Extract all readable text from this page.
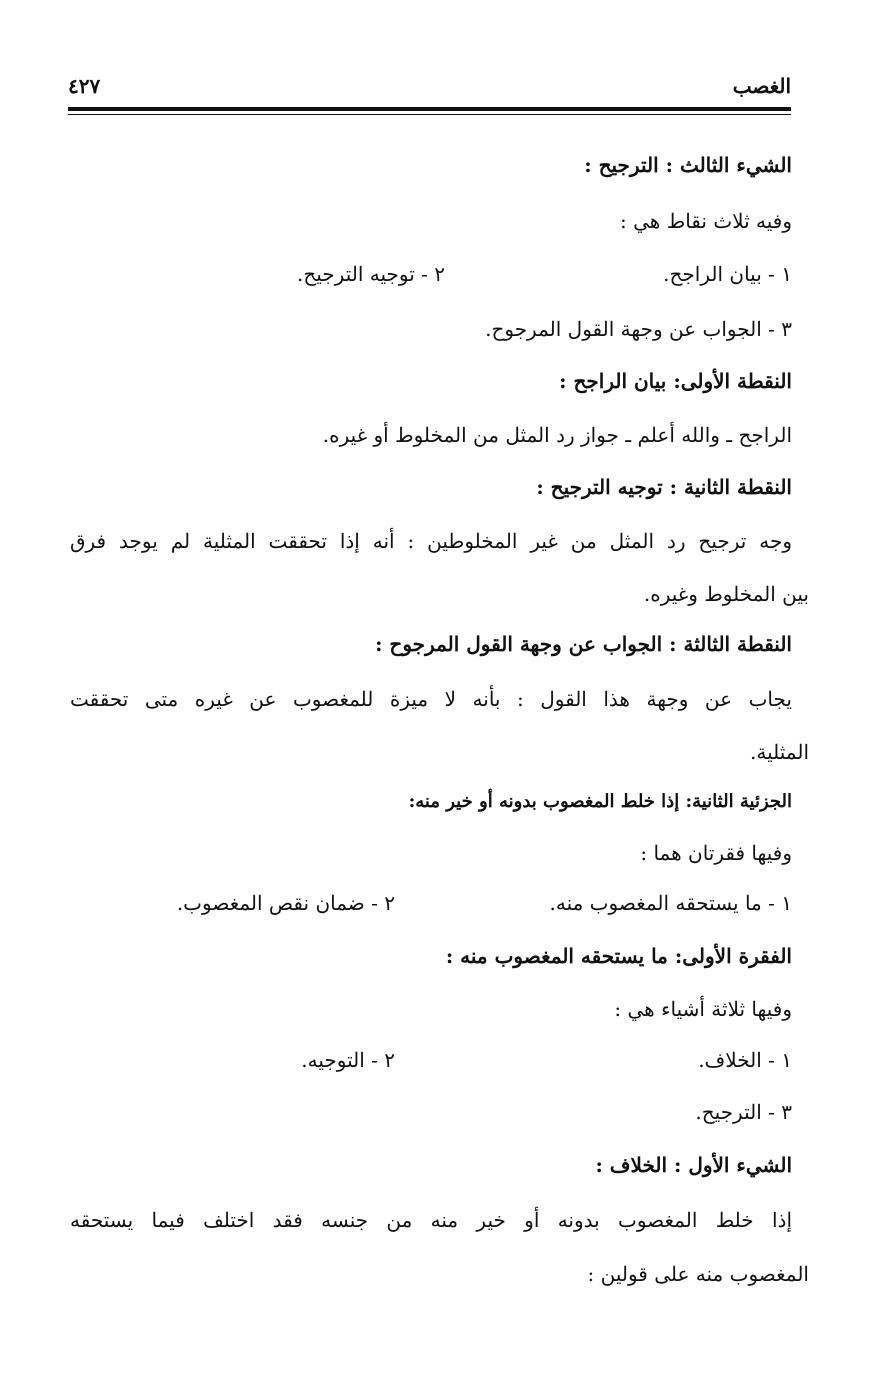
الغصب
٤٢٧
الشيء الثالث : الترجيح :
وفيه ثلاث نقاط هي :
١ - بيان الراجح.
٢ - توجيه الترجيح.
٣ - الجواب عن وجهة القول المرجوح.
النقطة الأولى: بيان الراجح :
الراجح ـ والله أعلم ـ جواز رد المثل من المخلوط أو غيره.
النقطة الثانية : توجيه الترجيح :
وجه ترجيح رد المثل من غير المخلوطين : أنه إذا تحققت المثلية لم يوجد فرق
بين المخلوط وغيره.
النقطة الثالثة : الجواب عن وجهة القول المرجوح :
يجاب عن وجهة هذا القول : بأنه لا ميزة للمغصوب عن غيره متى تحققت
المثلية.
الجزئية الثانية: إذا خلط المغصوب بدونه أو خير منه:
وفيها فقرتان هما :
١ - ما يستحقه المغصوب منه.
٢ - ضمان نقص المغصوب.
الفقرة الأولى: ما يستحقه المغصوب منه :
وفيها ثلاثة أشياء هي :
١ - الخلاف.
٢ - التوجيه.
٣ - الترجيح.
الشيء الأول : الخلاف :
إذا خلط المغصوب بدونه أو خير منه من جنسه فقد اختلف فيما يستحقه
المغصوب منه على قولين :
